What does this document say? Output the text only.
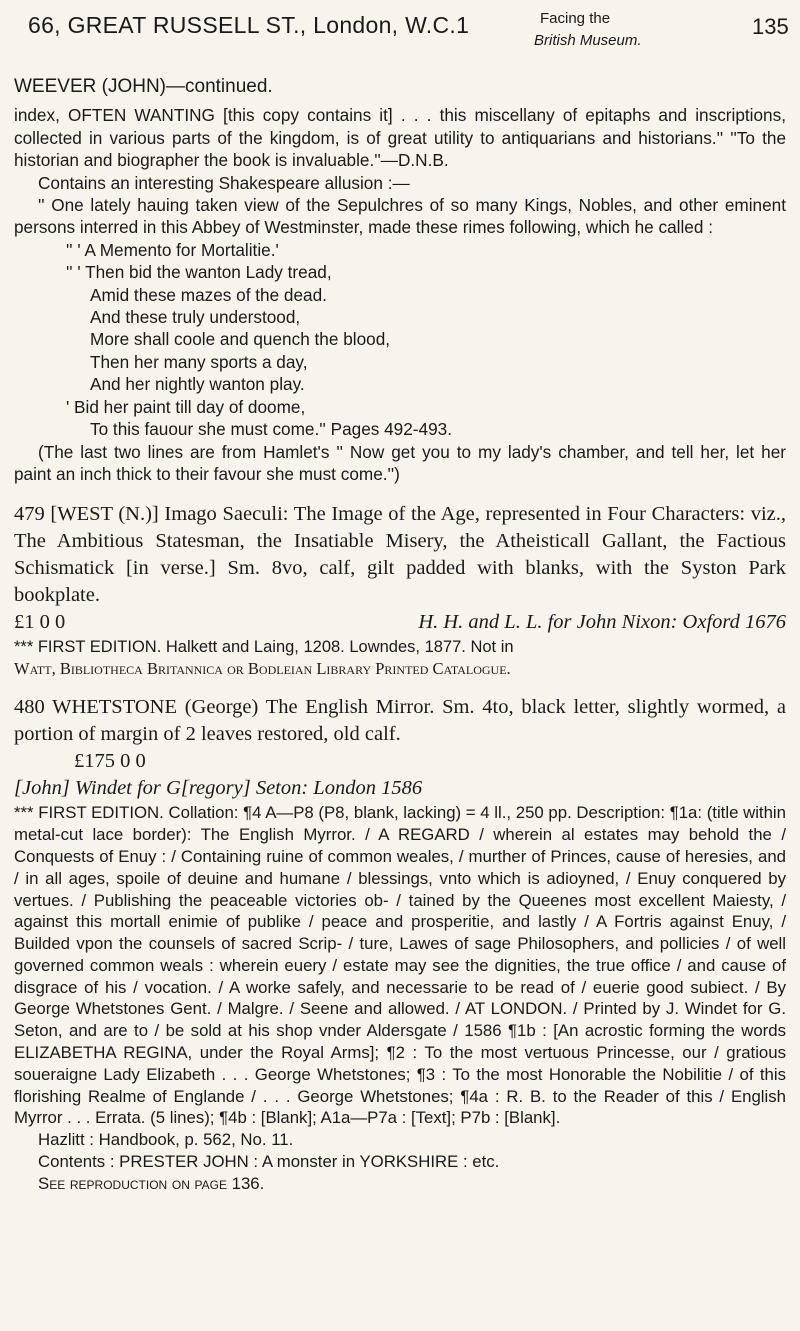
66, GREAT RUSSELL ST., London, W.C.1	Facing the
British Museum.
135
WEEVER (JOHN)—continued.

index, OFTEN WANTING [this copy contains it] . . . this miscellany of epitaphs and inscriptions, collected in various parts of the kingdom, is of great utility to antiquarians and historians.'' ''To the historian and biographer the book is invaluable.''—D.N.B.

Contains an interesting Shakespeare allusion :—

'' One lately hauing taken view of the Sepulchres of so many Kings, Nobles, and other eminent persons interred in this Abbey of Westminster, made these rimes following, which he called :

'' ' A Memento for Mortalitie.'
'' ' Then bid the wanton Lady tread,
Amid these mazes of the dead.
And these truly understood,
More shall coole and quench the blood,
Then her many sports a day,
And her nightly wanton play.
' Bid her paint till day of doome,
To this fauour she must come.'' Pages 492-493.

(The last two lines are from Hamlet's '' Now get you to my lady's chamber, and tell her, let her paint an inch thick to their favour she must come.'')

479 [WEST (N.)] Imago Saeculi: The Image of the Age, represented in Four Characters: viz., The Ambitious Statesman, the Insatiable Misery, the Atheisticall Gallant, the Factious Schismatick [in verse.] Sm. 8vo, calf, gilt padded with blanks, with the Syston Park bookplate.

£1 0 0	H. H. and L. L. for John Nixon: Oxford 1676

*** FIRST EDITION. Halkett and Laing, 1208. Lowndes, 1877. Not in

Watt, Bibliotheca Britannica or Bodleian Library Printed Catalogue.

480 WHETSTONE (George) The English Mirror. Sm. 4to, black letter, slightly wormed, a portion of margin of 2 leaves restored, old calf.

£175 0 0

[John] Windet for G[regory] Seton: London 1586

*** FIRST EDITION. Collation: ¶4 A—P8 (P8, blank, lacking) = 4 ll., 250 pp. Description: ¶1a: (title within metal-cut lace border): The English Myrror. / A REGARD / wherein al estates may behold the / Conquests of Enuy : / Containing ruine of common weales, / murther of Princes, cause of heresies, and / in all ages, spoile of deuine and humane / blessings, vnto which is adioyned, / Enuy conquered by vertues. / Publishing the peaceable victories ob- / tained by the Queenes most excellent Maiesty, / against this mortall enimie of publike / peace and prosperitie, and lastly / A Fortris against Enuy, / Builded vpon the counsels of sacred Scrip- / ture, Lawes of sage Philosophers, and pollicies / of well governed common weals : wherein euery / estate may see the dignities, the true office / and cause of disgrace of his / vocation. / A worke safely, and necessarie to be read of / euerie good subiect. / By George Whetstones Gent. / Malgre. / Seene and allowed. / AT LONDON. / Printed by J. Windet for G. Seton, and are to / be sold at his shop vnder Aldersgate / 1586 ¶1b : [An acrostic forming the words ELIZABETHA REGINA, under the Royal Arms]; ¶2 : To the most vertuous Princesse, our / gratious soueraigne Lady Elizabeth . . . George Whetstones; ¶3 : To the most Honorable the Nobilitie / of this florishing Realme of Englande / . . . George Whetstones; ¶4a : R. B. to the Reader of this / English Myrror . . . Errata. (5 lines); ¶4b : [Blank]; A1a—P7a : [Text]; P7b : [Blank].

Hazlitt : Handbook, p. 562, No. 11.

Contents : PRESTER JOHN : A monster in YORKSHIRE : etc.

See reproduction on page 136.
